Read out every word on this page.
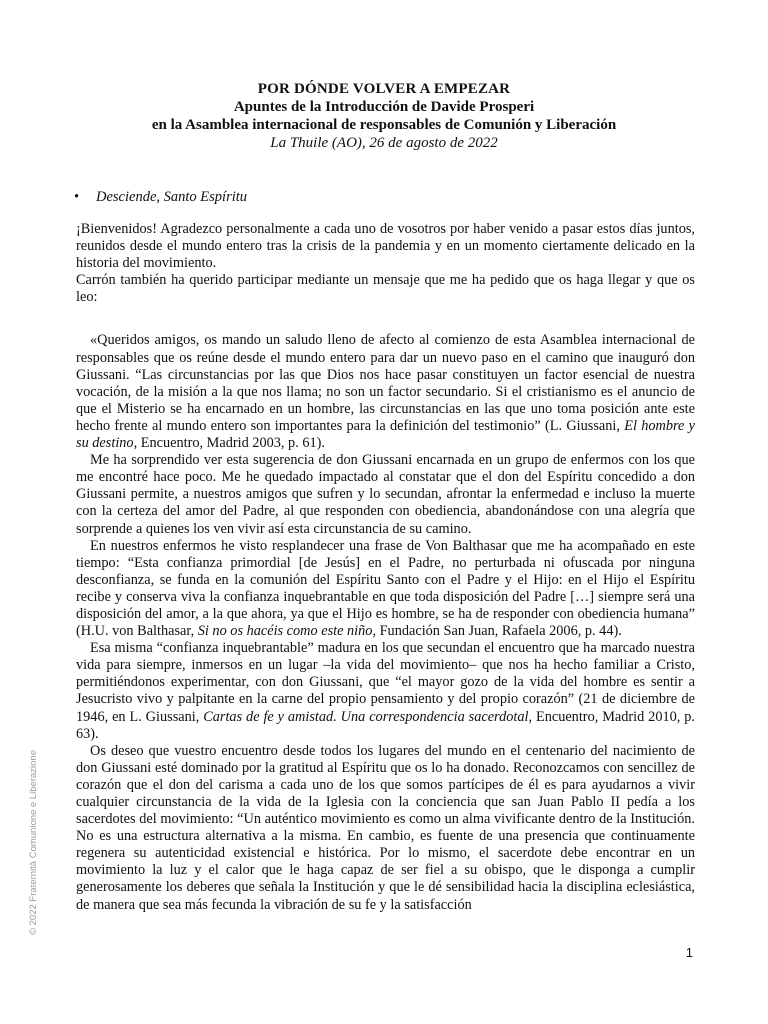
POR DÓNDE VOLVER A EMPEZAR
Apuntes de la Introducción de Davide Prosperi
en la Asamblea internacional de responsables de Comunión y Liberación
La Thuile (AO), 26 de agosto de 2022
• Desciende, Santo Espíritu

¡Bienvenidos! Agradezco personalmente a cada uno de vosotros por haber venido a pasar estos días juntos, reunidos desde el mundo entero tras la crisis de la pandemia y en un momento ciertamente delicado en la historia del movimiento.

Carrón también ha querido participar mediante un mensaje que me ha pedido que os haga llegar y que os leo:

«Queridos amigos, os mando un saludo lleno de afecto al comienzo de esta Asamblea internacional de responsables que os reúne desde el mundo entero para dar un nuevo paso en el camino que inauguró don Giussani. “Las circunstancias por las que Dios nos hace pasar constituyen un factor esencial de nuestra vocación, de la misión a la que nos llama; no son un factor secundario. Si el cristianismo es el anuncio de que el Misterio se ha encarnado en un hombre, las circunstancias en las que uno toma posición ante este hecho frente al mundo entero son importantes para la definición del testimonio” (L. Giussani, El hombre y su destino, Encuentro, Madrid 2003, p. 61).

Me ha sorprendido ver esta sugerencia de don Giussani encarnada en un grupo de enfermos con los que me encontré hace poco. Me he quedado impactado al constatar que el don del Espíritu concedido a don Giussani permite, a nuestros amigos que sufren y lo secundan, afrontar la enfermedad e incluso la muerte con la certeza del amor del Padre, al que responden con obediencia, abandonándose con una alegría que sorprende a quienes los ven vivir así esta circunstancia de su camino.

En nuestros enfermos he visto resplandecer una frase de Von Balthasar que me ha acompañado en este tiempo: “Esta confianza primordial [de Jesús] en el Padre, no perturbada ni ofuscada por ninguna desconfianza, se funda en la comunión del Espíritu Santo con el Padre y el Hijo: en el Hijo el Espíritu recibe y conserva viva la confianza inquebrantable en que toda disposición del Padre […] siempre será una disposición del amor, a la que ahora, ya que el Hijo es hombre, se ha de responder con obediencia humana” (H.U. von Balthasar, Si no os hacéis como este niño, Fundación San Juan, Rafaela 2006, p. 44).

Esa misma “confianza inquebrantable” madura en los que secundan el encuentro que ha marcado nuestra vida para siempre, inmersos en un lugar –la vida del movimiento– que nos ha hecho familiar a Cristo, permitiéndonos experimentar, con don Giussani, que “el mayor gozo de la vida del hombre es sentir a Jesucristo vivo y palpitante en la carne del propio pensamiento y del propio corazón” (21 de diciembre de 1946, en L. Giussani, Cartas de fe y amistad. Una correspondencia sacerdotal, Encuentro, Madrid 2010, p. 63).

Os deseo que vuestro encuentro desde todos los lugares del mundo en el centenario del nacimiento de don Giussani esté dominado por la gratitud al Espíritu que os lo ha donado. Reconozcamos con sencillez de corazón que el don del carisma a cada uno de los que somos partícipes de él es para ayudarnos a vivir cualquier circunstancia de la vida de la Iglesia con la conciencia que san Juan Pablo II pedía a los sacerdotes del movimiento: “Un auténtico movimiento es como un alma vivificante dentro de la Institución. No es una estructura alternativa a la misma. En cambio, es fuente de una presencia que continuamente regenera su autenticidad existencial e histórica. Por lo mismo, el sacerdote debe encontrar en un movimiento la luz y el calor que le haga capaz de ser fiel a su obispo, que le disponga a cumplir generosamente los deberes que señala la Institución y que le dé sensibilidad hacia la disciplina eclesiástica, de manera que sea más fecunda la vibración de su fe y la satisfacción

© 2022 Fraternità Comunione e Liberazione
1
